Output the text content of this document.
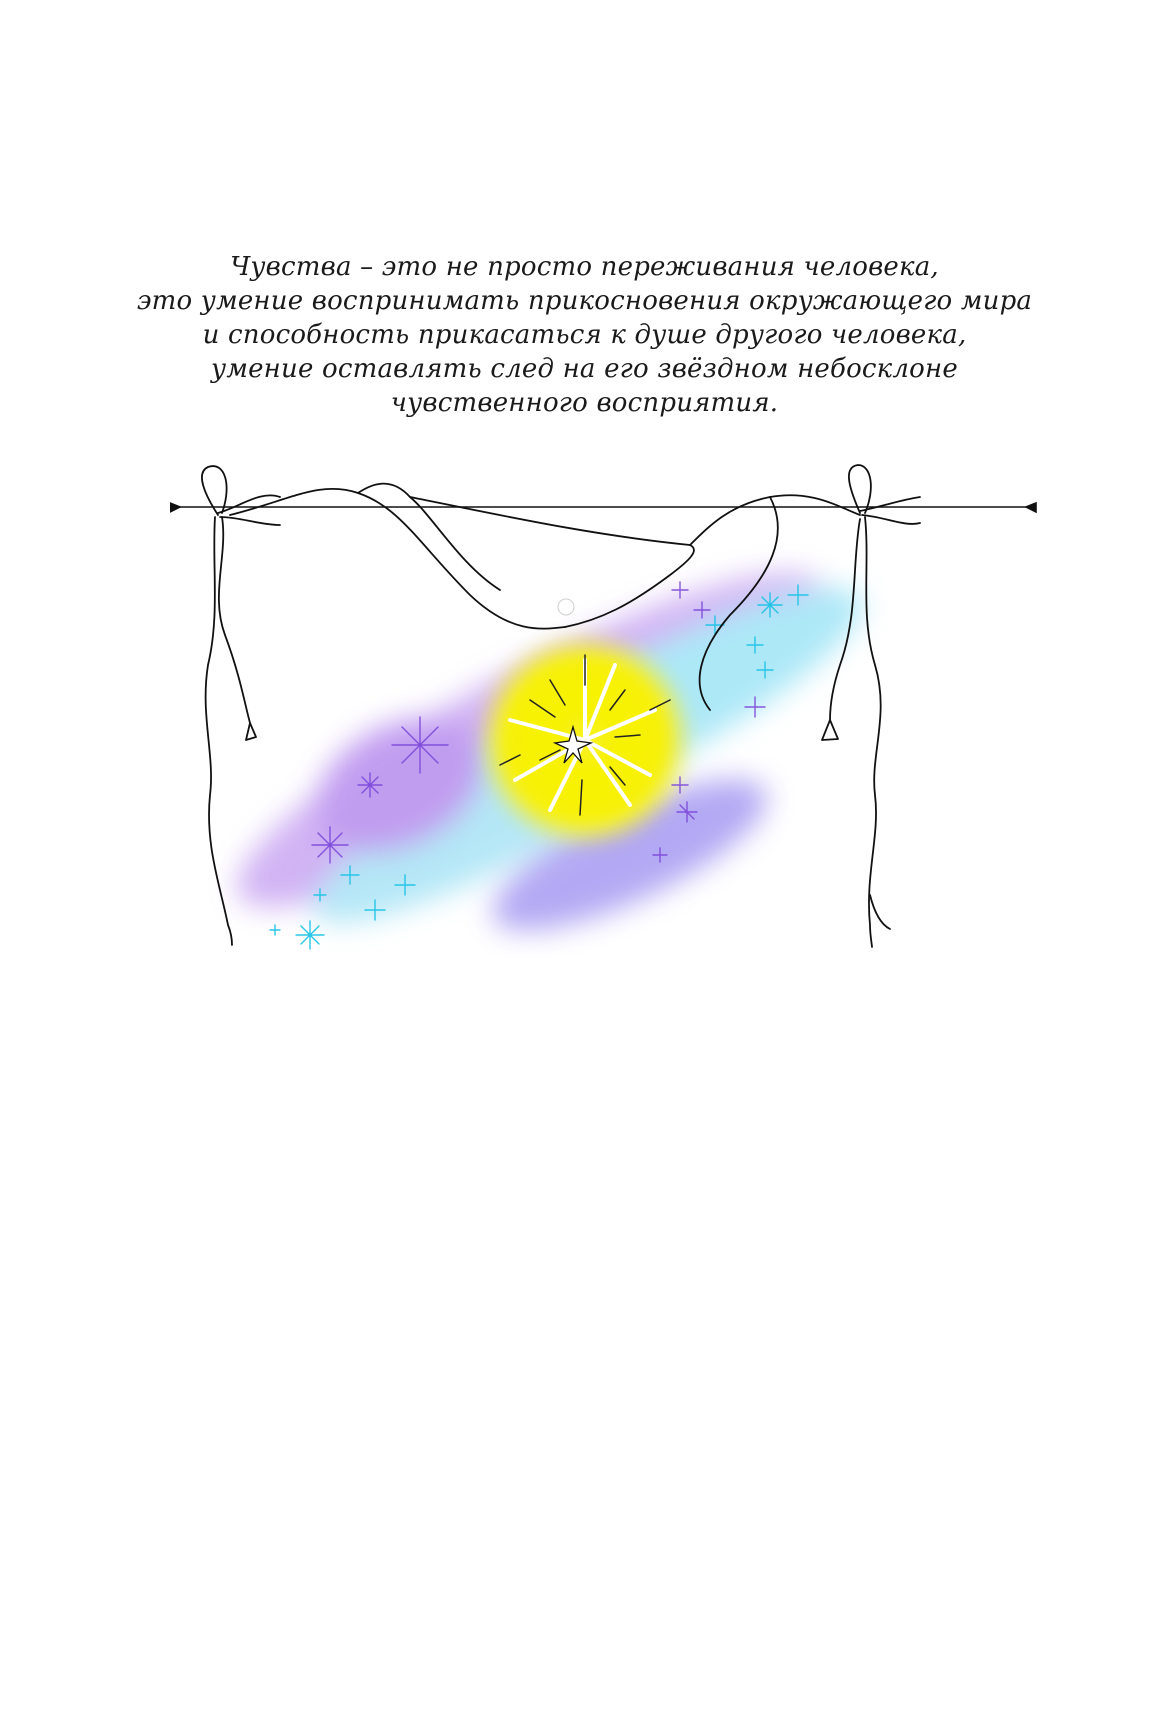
Чувства – это не просто переживания человека,
это умение воспринимать прикосновения окружающего мира
и способность прикасаться к душе другого человека,
умение оставлять след на его звёздном небосклоне
чувственного восприятия.
